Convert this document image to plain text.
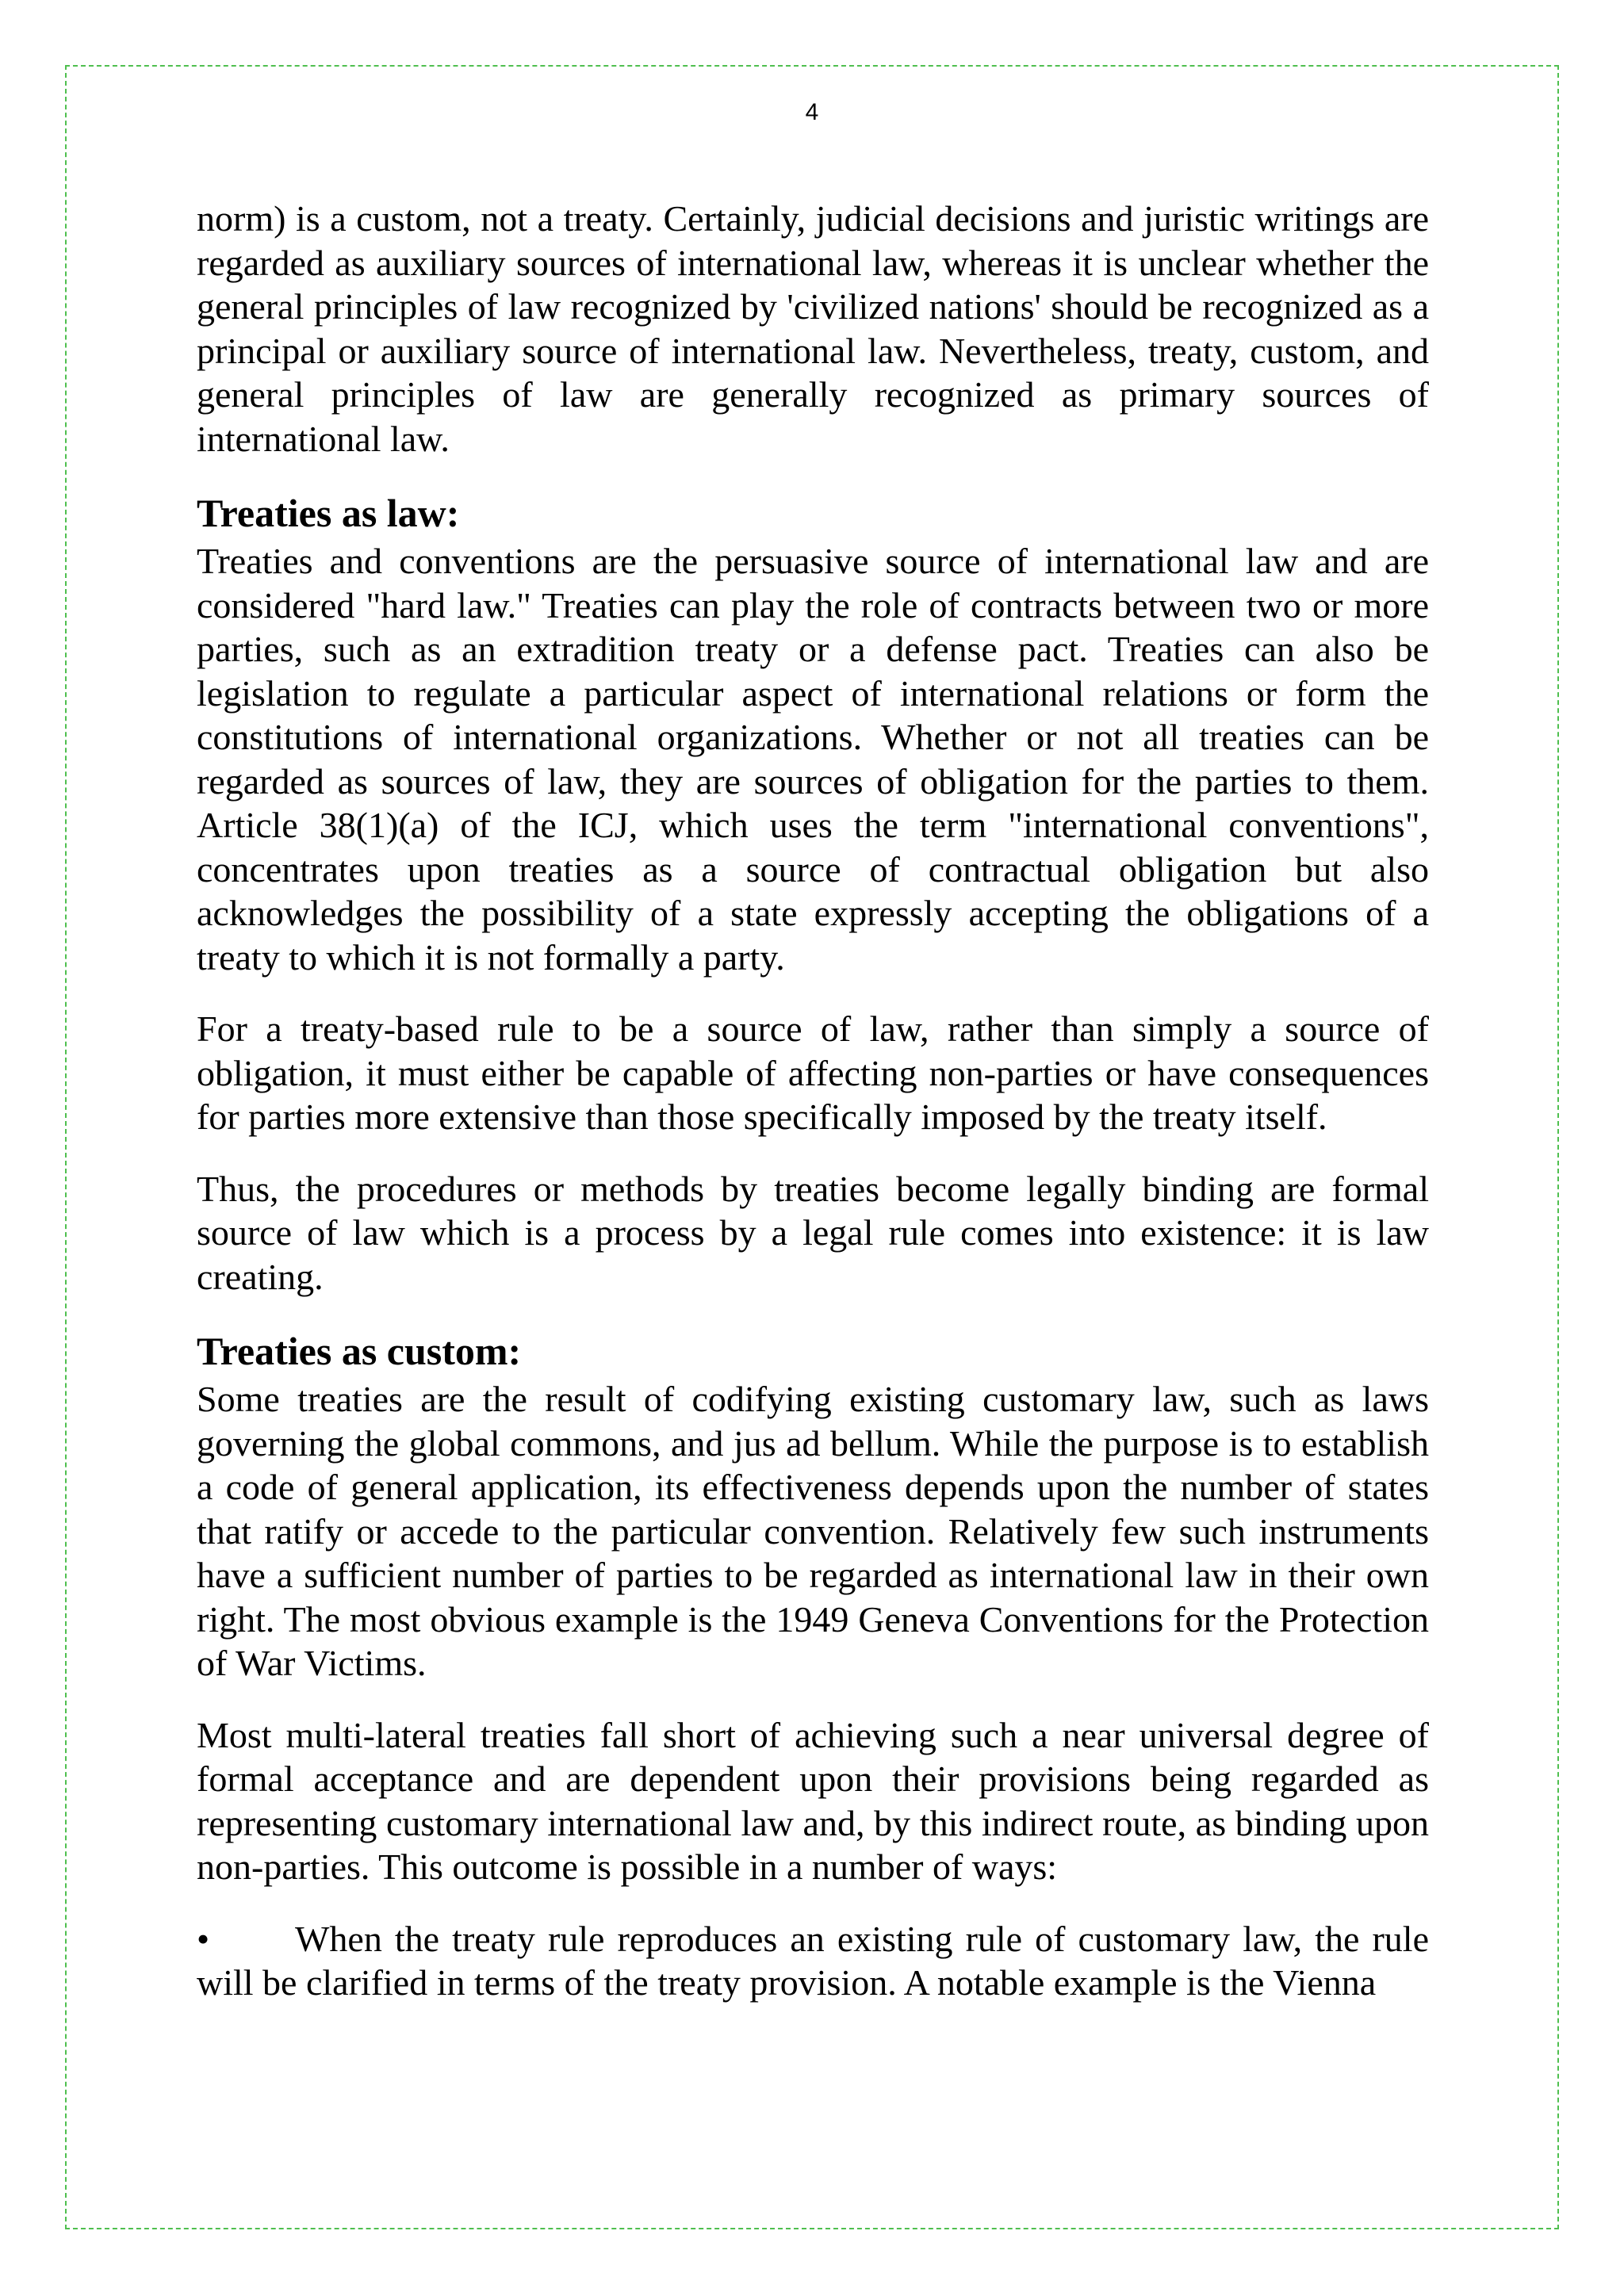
4

norm) is a custom, not a treaty. Certainly, judicial decisions and juristic writings are regarded as auxiliary sources of international law, whereas it is unclear whether the general principles of law recognized by 'civilized nations' should be recognized as a principal or auxiliary source of international law. Nevertheless, treaty, custom, and general principles of law are generally recognized as primary sources of international law.

Treaties as law:

Treaties and conventions are the persuasive source of international law and are considered "hard law." Treaties can play the role of contracts between two or more parties, such as an extradition treaty or a defense pact. Treaties can also be legislation to regulate a particular aspect of international relations or form the constitutions of international organizations. Whether or not all treaties can be regarded as sources of law, they are sources of obligation for the parties to them. Article 38(1)(a) of the ICJ, which uses the term "international conventions", concentrates upon treaties as a source of contractual obligation but also acknowledges the possibility of a state expressly accepting the obligations of a treaty to which it is not formally a party.

For a treaty-based rule to be a source of law, rather than simply a source of obligation, it must either be capable of affecting non-parties or have consequences for parties more extensive than those specifically imposed by the treaty itself.

Thus, the procedures or methods by treaties become legally binding are formal source of law which is a process by a legal rule comes into existence: it is law creating.

Treaties as custom:

Some treaties are the result of codifying existing customary law, such as laws governing the global commons, and jus ad bellum. While the purpose is to establish a code of general application, its effectiveness depends upon the number of states that ratify or accede to the particular convention. Relatively few such instruments have a sufficient number of parties to be regarded as international law in their own right. The most obvious example is the 1949 Geneva Conventions for the Protection of War Victims.

Most multi-lateral treaties fall short of achieving such a near universal degree of formal acceptance and are dependent upon their provisions being regarded as representing customary international law and, by this indirect route, as binding upon non-parties. This outcome is possible in a number of ways:

• When the treaty rule reproduces an existing rule of customary law, the rule will be clarified in terms of the treaty provision. A notable example is the Vienna
